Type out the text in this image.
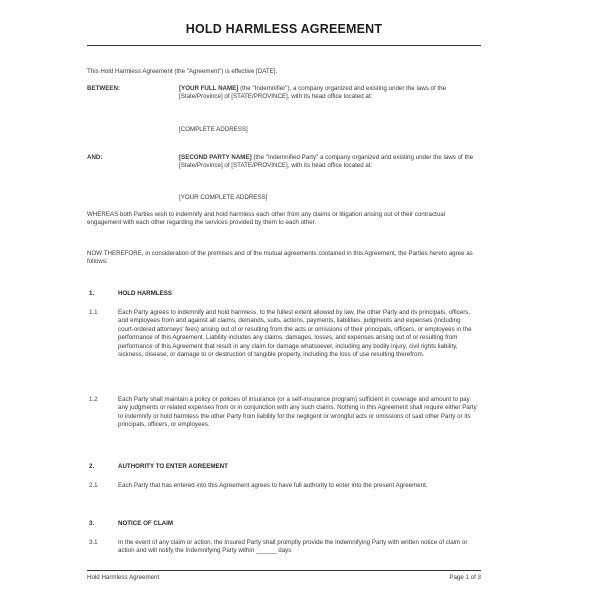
HOLD HARMLESS AGREEMENT
This Hold Harmless Agreement (the "Agreement") is effective [DATE],
BETWEEN:	[YOUR FULL NAME] (the "Indemnifier"), a company organized and existing under the laws of the [State/Province] of [STATE/PROVINCE], with its head office located at:
[COMPLETE ADDRESS]
AND:	[SECOND PARTY NAME] (the "Indemnified Party" a company organized and existing under the laws of the [State/Province] of [STATE/PROVINCE], with its head office located at:
[YOUR COMPLETE ADDRESS]
WHEREAS both Parties wish to indemnify and hold harmless each other from any claims or litigation arising out of their contractual engagement with each other regarding the services provided by them to each other.
NOW THEREFORE, in consideration of the premises and of the mutual agreements contained in this Agreement, the Parties hereto agree as follows:
1.	HOLD HARMLESS
1.1	Each Party agrees to indemnify and hold harmless, to the fullest extent allowed by law, the other Party and its principals, officers, and employees from and against all claims, demands, suits, actions, payments, liabilities, judgments and expenses (including court-ordered attorneys' fees) arising out of or resulting from the acts or omissions of their principals, officers, or employees in the performance of this Agreement. Liability includes any claims, damages, losses, and expenses arising out of or resulting from performance of this Agreement that result in any claim for damage whatsoever, including any bodily injury, civil rights liability, sickness, disease, or damage to or destruction of tangible property, including the loss of use resulting therefrom.
1.2	Each Party shall maintain a policy or policies of insurance (or a self-insurance program) sufficient in coverage and amount to pay any judgments or related expenses from or in conjunction with any such claims. Nothing in this Agreement shall require either Party to indemnify or hold harmless the other Party from liability for the negligent or wrongful acts or omissions of said other Party or its principals, officers, or employees.
2.	AUTHORITY TO ENTER AGREEMENT
2.1	Each Party that has entered into this Agreement agrees to have full authority to enter into the present Agreement.
3.	NOTICE OF CLAIM
3.1	In the event of any claim or action, the Insured Party shall promptly provide the Indemnifying Party with written notice of claim or action and will notify the Indemnifying Party within ______ days
Hold Harmless Agreement	Page 1 of 3
